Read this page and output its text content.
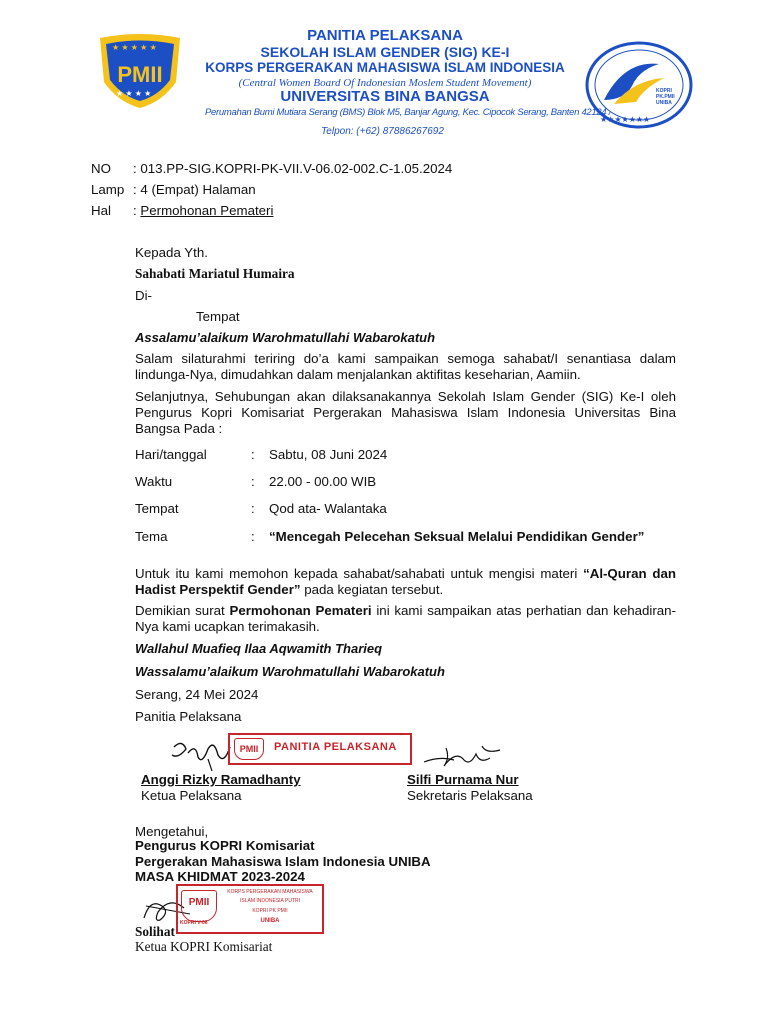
★ ★ ★ ★ ★
PMII
★ ★ ★ ★
PANITIA PELAKSANA
SEKOLAH ISLAM GENDER (SIG) KE-I
KORPS PERGERAKAN MAHASISWA ISLAM INDONESIA
(Central Women Board Of Indonesian Moslem Student Movement)
UNIVERSITAS BINA BANGSA
Perumahan Bumi Mutiara Serang (BMS) Blok M5, Banjar Agung, Kec. Cipocok Serang, Banten 42124 /
Telpon: (+62) 87886267692
★★★★★★★
KOPRI
PK.PMII
UNIBA
NO : 013.PP-SIG.KOPRI-PK-VII.V-06.02-002.C-1.05.2024
Lamp : 4 (Empat) Halaman
Hal : Permohonan Pemateri
Kepada Yth.
Sahabati Mariatul Humaira
Di-
Tempat
Assalamu’alaikum Warohmatullahi Wabarokatuh
Salam silaturahmi teriring do’a kami sampaikan semoga sahabat/I senantiasa dalam lindunga-Nya, dimudahkan dalam menjalankan aktifitas keseharian, Aamiin.
Selanjutnya, Sehubungan akan dilaksanakannya Sekolah Islam Gender (SIG) Ke-I oleh Pengurus Kopri Komisariat Pergerakan Mahasiswa Islam Indonesia Universitas Bina Bangsa Pada :
Hari/tanggal	: Sabtu, 08 Juni 2024
Waktu	: 22.00 - 00.00 WIB
Tempat	: Qod ata- Walantaka
Tema	: “Mencegah Pelecehan Seksual Melalui Pendidikan Gender”
Untuk itu kami memohon kepada sahabat/sahabati untuk mengisi materi “Al-Quran dan Hadist Perspektif Gender” pada kegiatan tersebut.
Demikian surat Permohonan Pemateri ini kami sampaikan atas perhatian dan kehadiran-Nya kami ucapkan terimakasih.
Wallahul Muafieq Ilaa Aqwamith Tharieq
Wassalamu’alaikum Warohmatullahi Wabarokatuh
Serang, 24 Mei 2024
Panitia Pelaksana
PMII	PANITIA PELAKSANA
Anggi Rizky Ramadhanty
Ketua Pelaksana
Silfi Purnama Nur
Sekretaris Pelaksana
Mengetahui,
Pengurus KOPRI Komisariat
Pergerakan Mahasiswa Islam Indonesia UNIBA
MASA KHIDMAT 2023-2024
PMII
KOPRI V-06
KORPS PERGERAKAN MAHASISWA
ISLAM INDONESIA PUTRI
KOPRI PK PMII
UNIBA
Solihat
Ketua KOPRI Komisariat
